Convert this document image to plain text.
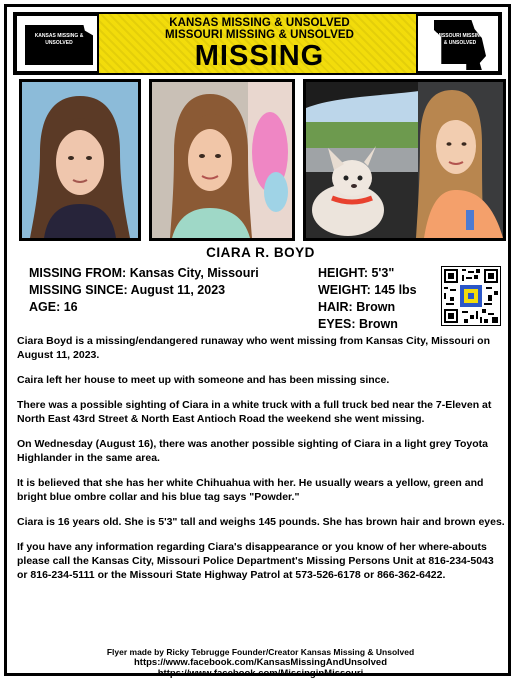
KANSAS MISSING & UNSOLVED
KANSAS MISSING & UNSOLVED
MISSOURI MISSING & UNSOLVED
MISSING
MISSOURI MISSING & UNSOLVED
CIARA R. BOYD
MISSING FROM: Kansas City, Missouri
MISSING SINCE: August 11, 2023
AGE: 16
HEIGHT: 5'3"
WEIGHT: 145 lbs
HAIR: Brown
EYES: Brown

Ciara Boyd is a missing/endangered runaway who went missing from Kansas City, Missouri on August 11, 2023.

Caira left her house to meet up with someone and has been missing since.

There was a possible sighting of Ciara in a white truck with a full truck bed near the 7-Eleven at North East 43rd Street & North East Antioch Road the weekend she went missing.

On Wednesday (August 16), there was another possible sighting of Ciara in a light grey Toyota Highlander in the same area.

It is believed that she has her white Chihuahua with her. He usually wears a yellow, green and bright blue ombre collar and his blue tag says "Powder."

Ciara is 16 years old. She is 5'3" tall and weighs 145 pounds. She has brown hair and brown eyes.

If you have any information regarding Ciara's disappearance or you know of her where-abouts please call the Kansas City, Missouri Police Department's Missing Persons Unit at 816-234-5043 or 816-234-5111 or the Missouri State Highway Patrol at 573-526-6178 or 866-362-6422.

Flyer made by Ricky Tebrugge Founder/Creator Kansas Missing & Unsolved
https://www.facebook.com/KansasMissingAndUnsolved
https://www.facebook.com/MissinginMissouri
